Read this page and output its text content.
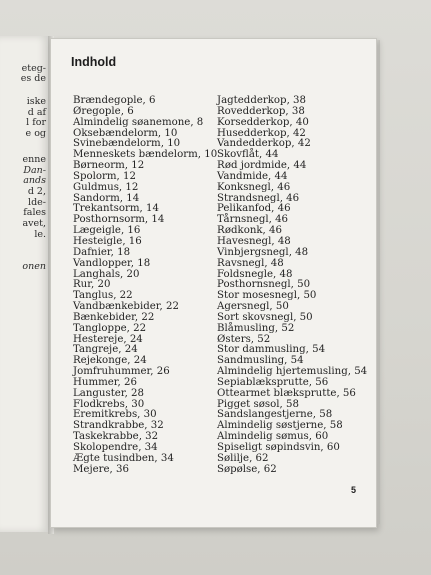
eteg-
es de
iske
d af
l for
e og
enne
Dan-
ands
d 2,
lde-
fales
avet,
le.
onen
Indhold
Brændegople, 6
Øregople, 6
Almindelig søanemone, 8
Oksebændelorm, 10
Svinebændelorm, 10
Menneskets bændelorm, 10
Børneorm, 12
Spolorm, 12
Guldmus, 12
Sandorm, 14
Trekantsorm, 14
Posthornsorm, 14
Lægeigle, 16
Hesteigle, 16
Dafnier, 18
Vandlopper, 18
Langhals, 20
Rur, 20
Tanglus, 22
Vandbænkebider, 22
Bænkebider, 22
Tangloppe, 22
Hestereje, 24
Tangreje, 24
Rejekonge, 24
Jomfruhummer, 26
Hummer, 26
Languster, 28
Flodkrebs, 30
Eremitkrebs, 30
Strandkrabbe, 32
Taskekrabbe, 32
Skolopendre, 34
Ægte tusindben, 34
Mejere, 36
Jagtedderkop, 38
Rovedderkop, 38
Korsedderkop, 40
Husedderkop, 42
Vandedderkop, 42
Skovflåt, 44
Rød jordmide, 44
Vandmide, 44
Konksnegl, 46
Strandsnegl, 46
Pelikanfod, 46
Tårnsnegl, 46
Rødkonk, 46
Havesnegl, 48
Vinbjergsnegl, 48
Ravsnegl, 48
Foldsnegle, 48
Posthornsnegl, 50
Stor mosesnegl, 50
Agersnegl, 50
Sort skovsnegl, 50
Blåmusling, 52
Østers, 52
Stor dammusling, 54
Sandmusling, 54
Almindelig hjertemusling, 54
Sepiablæksprutte, 56
Ottearmet blæksprutte, 56
Pigget søsol, 58
Sandslangestjerne, 58
Almindelig søstjerne, 58
Almindelig sømus, 60
Spiseligt søpindsvin, 60
Søliljе, 62
Søpølse, 62
5
